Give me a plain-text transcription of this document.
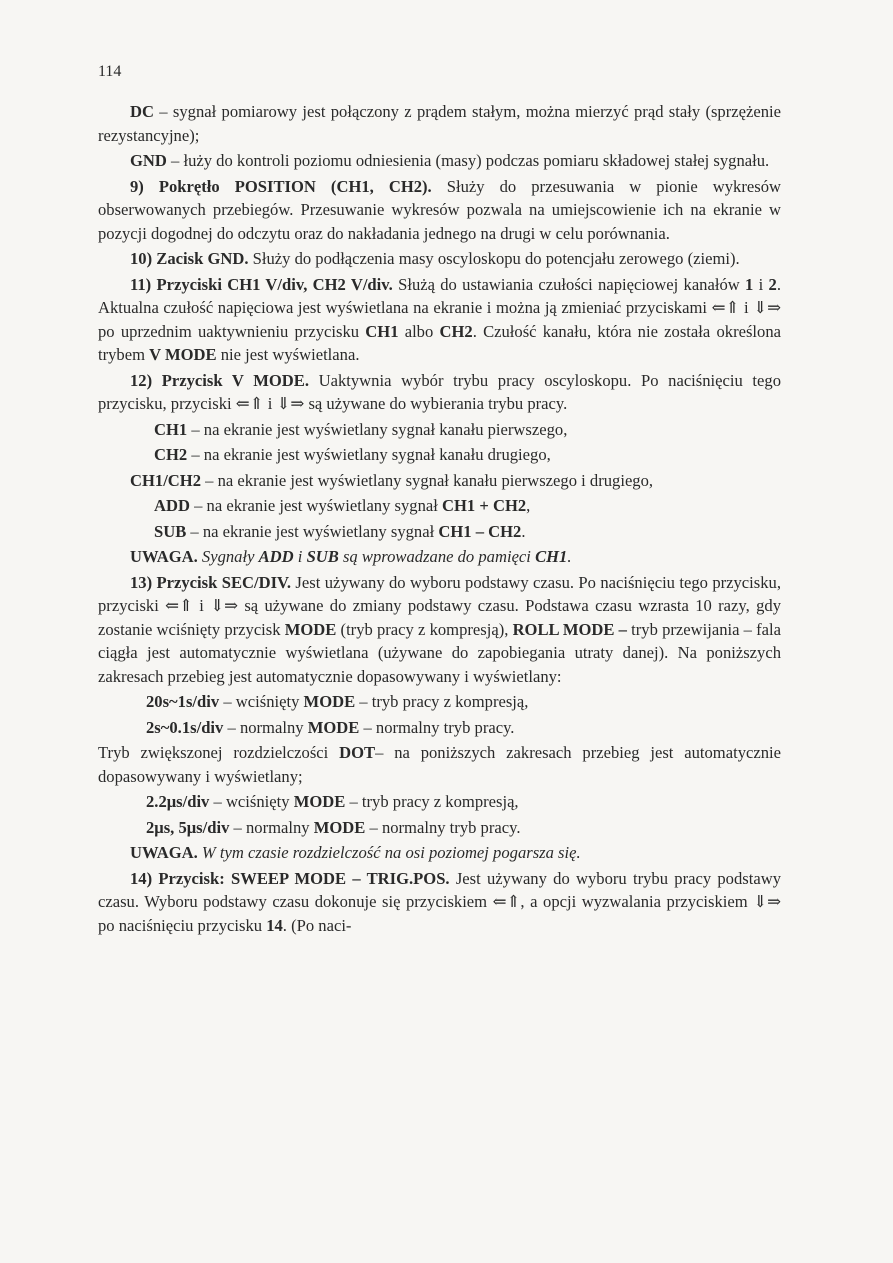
114

DC – sygnał pomiarowy jest połączony z prądem stałym, można mierzyć prąd stały (sprzężenie rezystancyjne);

GND – łuży do kontroli poziomu odniesienia (masy) podczas pomiaru składowej stałej sygnału.

9) Pokrętło POSITION (CH1, CH2). Służy do przesuwania w pionie wykresów obserwowanych przebiegów. Przesuwanie wykresów pozwala na umiejscowienie ich na ekranie w pozycji dogodnej do odczytu oraz do nakładania jednego na drugi w celu porównania.

10) Zacisk GND. Służy do podłączenia masy oscyloskopu do potencjału zerowego (ziemi).

11) Przyciski CH1 V/div, CH2 V/div. Służą do ustawiania czułości napięciowej kanałów 1 i 2. Aktualna czułość napięciowa jest wyświetlana na ekranie i można ją zmieniać przyciskami ⇐⇑ i ⇓⇒ po uprzednim uaktywnieniu przycisku CH1 albo CH2. Czułość kanału, która nie została określona trybem V MODE nie jest wyświetlana.

12) Przycisk V MODE. Uaktywnia wybór trybu pracy oscyloskopu. Po naciśnięciu tego przycisku, przyciski ⇐⇑ i ⇓⇒ są używane do wybierania trybu pracy.

CH1 – na ekranie jest wyświetlany sygnał kanału pierwszego,

CH2 – na ekranie jest wyświetlany sygnał kanału drugiego,

CH1/CH2 – na ekranie jest wyświetlany sygnał kanału pierwszego i drugiego,

ADD – na ekranie jest wyświetlany sygnał CH1 + CH2,

SUB – na ekranie jest wyświetlany sygnał CH1 – CH2.

UWAGA. Sygnały ADD i SUB są wprowadzane do pamięci CH1.

13) Przycisk SEC/DIV. Jest używany do wyboru podstawy czasu. Po naciśnięciu tego przycisku, przyciski ⇐⇑ i ⇓⇒ są używane do zmiany podstawy czasu. Podstawa czasu wzrasta 10 razy, gdy zostanie wciśnięty przycisk MODE (tryb pracy z kompresją), ROLL MODE – tryb przewijania – fala ciągła jest automatycznie wyświetlana (używane do zapobiegania utraty danej). Na poniższych zakresach przebieg jest automatycznie dopasowywany i wyświetlany:

20s~1s/div – wciśnięty MODE – tryb pracy z kompresją,

2s~0.1s/div – normalny MODE – normalny tryb pracy.

Tryb zwiększonej rozdzielczości DOT– na poniższych zakresach przebieg jest automatycznie dopasowywany i wyświetlany;

2.2μs/div – wciśnięty MODE – tryb pracy z kompresją,

2μs, 5μs/div – normalny MODE – normalny tryb pracy.

UWAGA. W tym czasie rozdzielczość na osi poziomej pogarsza się.

14) Przycisk: SWEEP MODE – TRIG.POS. Jest używany do wyboru trybu pracy podstawy czasu. Wyboru podstawy czasu dokonuje się przyciskiem ⇐⇑, a opcji wyzwalania przyciskiem ⇓⇒ po naciśnięciu przycisku 14. (Po naci-
